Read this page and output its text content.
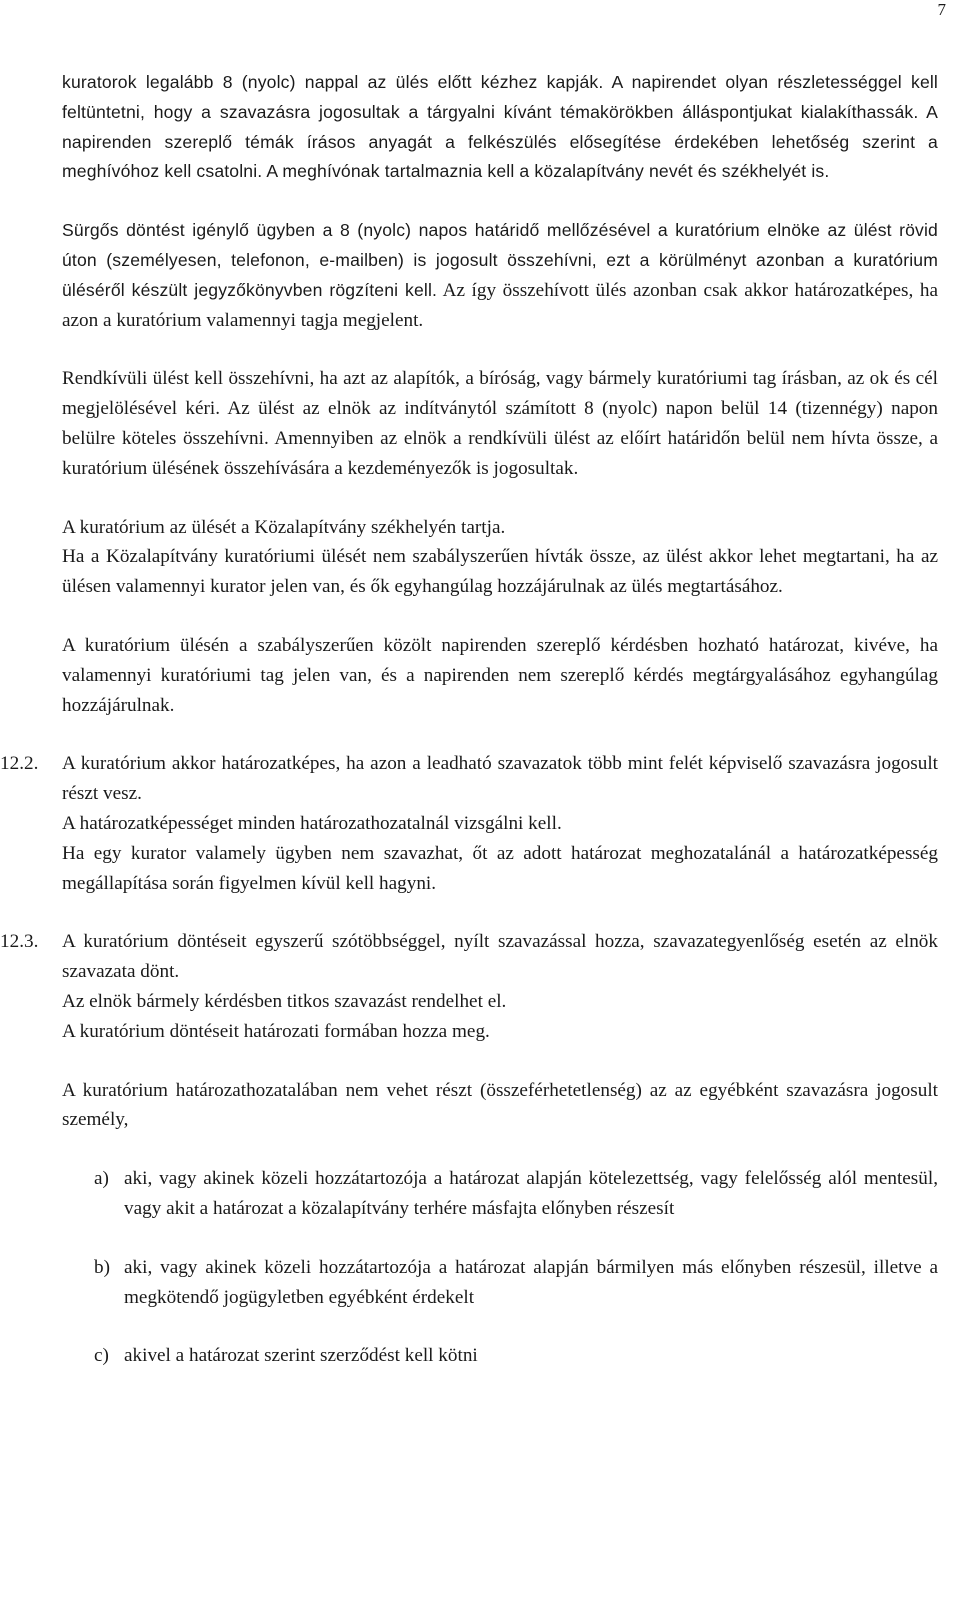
7

kuratorok legalább 8 (nyolc) nappal az ülés előtt kézhez kapják. A napirendet olyan részletességgel kell feltüntetni, hogy a szavazásra jogosultak a tárgyalni kívánt témakörökben álláspontjukat kialakíthassák. A napirenden szereplő témák írásos anyagát a felkészülés elősegítése érdekében lehetőség szerint a meghívóhoz kell csatolni. A meghívónak tartalmaznia kell a közalapítvány nevét és székhelyét is.

Sürgős döntést igénylő ügyben a 8 (nyolc) napos határidő mellőzésével a kuratórium elnöke az ülést rövid úton (személyesen, telefonon, e-mailben) is jogosult összehívni, ezt a körülményt azonban a kuratórium üléséről készült jegyzőkönyvben rögzíteni kell. Az így összehívott ülés azonban csak akkor határozatképes, ha azon a kuratórium valamennyi tagja megjelent.

Rendkívüli ülést kell összehívni, ha azt az alapítók, a bíróság, vagy bármely kuratóriumi tag írásban, az ok és cél megjelölésével kéri. Az ülést az elnök az indítványtól számított 8 (nyolc) napon belül 14 (tizennégy) napon belülre köteles összehívni. Amennyiben az elnök a rendkívüli ülést az előírt határidőn belül nem hívta össze, a kuratórium ülésének összehívására a kezdeményezők is jogosultak.

A kuratórium az ülését a Közalapítvány székhelyén tartja.

Ha a Közalapítvány kuratóriumi ülését nem szabályszerűen hívták össze, az ülést akkor lehet megtartani, ha az ülésen valamennyi kurator jelen van, és ők egyhangúlag hozzájárulnak az ülés megtartásához.

A kuratórium ülésén a szabályszerűen közölt napirenden szereplő kérdésben hozható határozat, kivéve, ha valamennyi kuratóriumi tag jelen van, és a napirenden nem szereplő kérdés megtárgyalásához egyhangúlag hozzájárulnak.

12.2.	A kuratórium akkor határozatképes, ha azon a leadható szavazatok több mint felét képviselő szavazásra jogosult részt vesz.

A határozatképességet minden határozathozatalnál vizsgálni kell.

Ha egy kurator valamely ügyben nem szavazhat, őt az adott határozat meghozatalánál a határozatképesség megállapítása során figyelmen kívül kell hagyni.

12.3.	A kuratórium döntéseit egyszerű szótöbbséggel, nyílt szavazással hozza, szavazategyenlőség esetén az elnök szavazata dönt.

Az elnök bármely kérdésben titkos szavazást rendelhet el.

A kuratórium döntéseit határozati formában hozza meg.

A kuratórium határozathozatalában nem vehet részt (összeférhetetlenség) az az egyébként szavazásra jogosult személy,

a) aki, vagy akinek közeli hozzátartozója a határozat alapján kötelezettség, vagy felelősség alól mentesül, vagy akit a határozat a közalapítvány terhére másfajta előnyben részesít
b) aki, vagy akinek közeli hozzátartozója a határozat alapján bármilyen más előnyben részesül, illetve a megkötendő jogügyletben egyébként érdekelt
c) akivel a határozat szerint szerződést kell kötni
